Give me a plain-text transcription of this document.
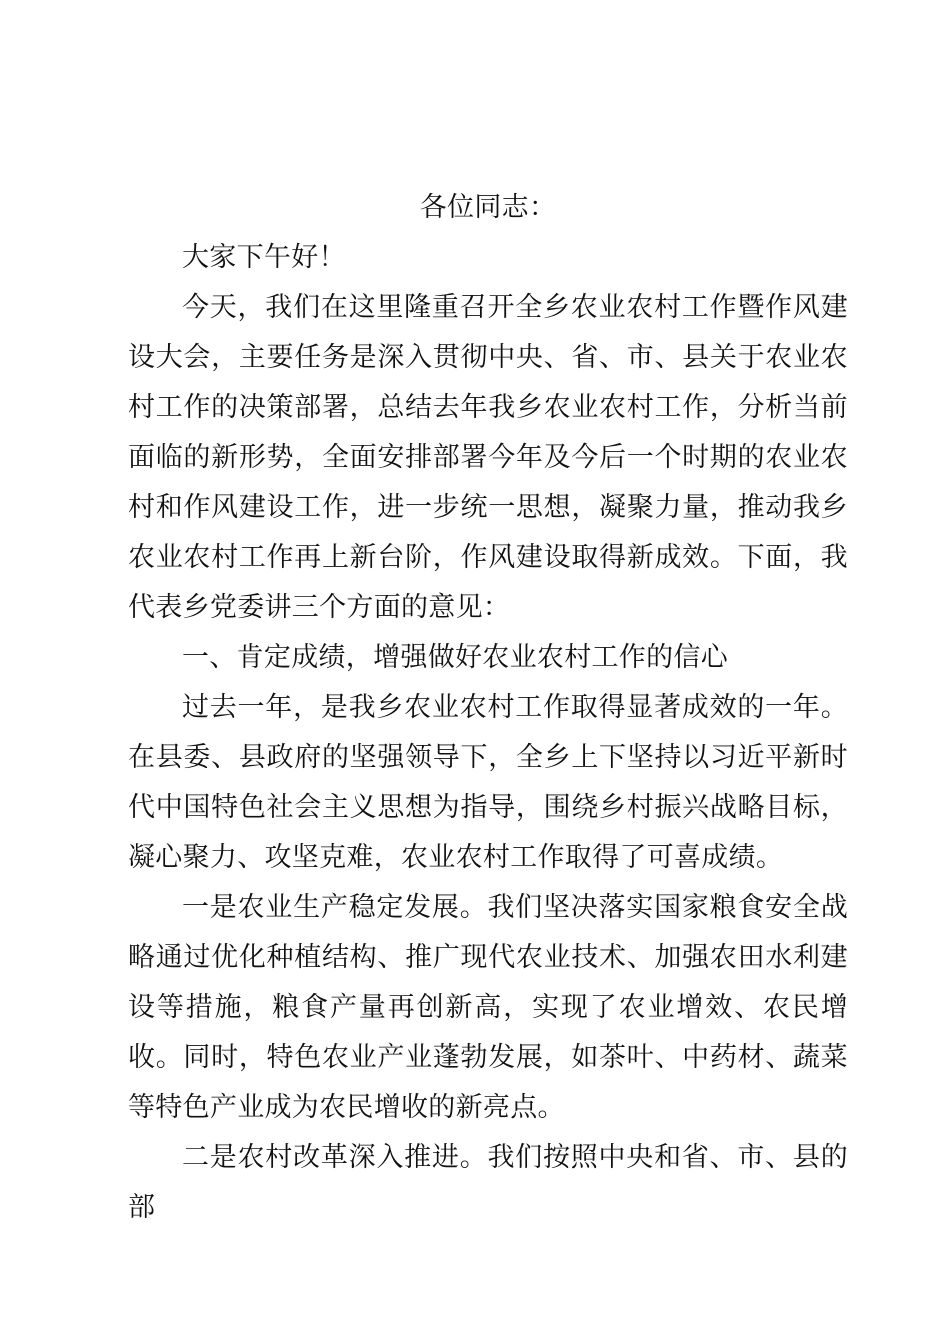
各位同志：

大家下午好！

今天，我们在这里隆重召开全乡农业农村工作暨作风建设大会，主要任务是深入贯彻中央、省、市、县关于农业农村工作的决策部署，总结去年我乡农业农村工作，分析当前面临的新形势，全面安排部署今年及今后一个时期的农业农村和作风建设工作，进一步统一思想，凝聚力量，推动我乡农业农村工作再上新台阶，作风建设取得新成效。下面，我代表乡党委讲三个方面的意见：

一、肯定成绩，增强做好农业农村工作的信心

过去一年，是我乡农业农村工作取得显著成效的一年。在县委、县政府的坚强领导下，全乡上下坚持以习近平新时代中国特色社会主义思想为指导，围绕乡村振兴战略目标，凝心聚力、攻坚克难，农业农村工作取得了可喜成绩。

一是农业生产稳定发展。我们坚决落实国家粮食安全战略通过优化种植结构、推广现代农业技术、加强农田水利建设等措施，粮食产量再创新高，实现了农业增效、农民增收。同时，特色农业产业蓬勃发展，如茶叶、中药材、蔬菜等特色产业成为农民增收的新亮点。

二是农村改革深入推进。我们按照中央和省、市、县的部
